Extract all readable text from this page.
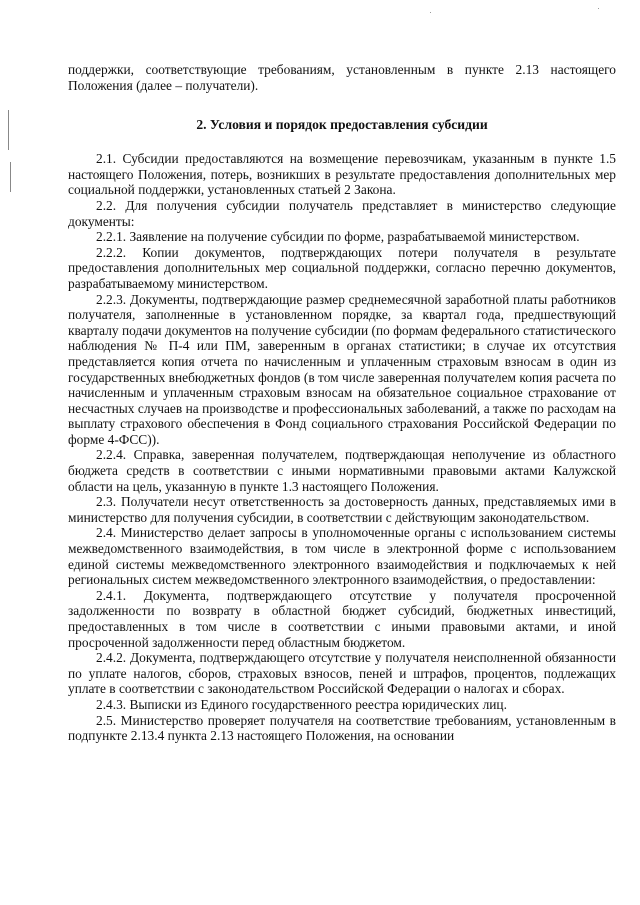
поддержки, соответствующие требованиям, установленным в пункте 2.13 настоящего Положения (далее – получатели).

2. Условия и порядок предоставления субсидии

2.1. Субсидии предоставляются на возмещение перевозчикам, указанным в пункте 1.5 настоящего Положения, потерь, возникших в результате предоставления дополнительных мер социальной поддержки, установленных статьей 2 Закона.

2.2. Для получения субсидии получатель представляет в министерство следующие документы:

2.2.1. Заявление на получение субсидии по форме, разрабатываемой министерством.

2.2.2. Копии документов, подтверждающих потери получателя в результате предоставления дополнительных мер социальной поддержки, согласно перечню документов, разрабатываемому министерством.

2.2.3. Документы, подтверждающие размер среднемесячной заработной платы работников получателя, заполненные в установленном порядке, за квартал года, предшествующий кварталу подачи документов на получение субсидии (по формам федерального статистического наблюдения № П-4 или ПМ, заверенным в органах статистики; в случае их отсутствия представляется копия отчета по начисленным и уплаченным страховым взносам в один из государственных внебюджетных фондов (в том числе заверенная получателем копия расчета по начисленным и уплаченным страховым взносам на обязательное социальное страхование от несчастных случаев на производстве и профессиональных заболеваний, а также по расходам на выплату страхового обеспечения в Фонд социального страхования Российской Федерации по форме 4-ФСС)).

2.2.4. Справка, заверенная получателем, подтверждающая неполучение из областного бюджета средств в соответствии с иными нормативными правовыми актами Калужской области на цель, указанную в пункте 1.3 настоящего Положения.

2.3. Получатели несут ответственность за достоверность данных, представляемых ими в министерство для получения субсидии, в соответствии с действующим законодательством.

2.4. Министерство делает запросы в уполномоченные органы с использованием системы межведомственного взаимодействия, в том числе в электронной форме с использованием единой системы межведомственного электронного взаимодействия и подключаемых к ней региональных систем межведомственного электронного взаимодействия, о предоставлении:

2.4.1. Документа, подтверждающего отсутствие у получателя просроченной задолженности по возврату в областной бюджет субсидий, бюджетных инвестиций, предоставленных в том числе в соответствии с иными правовыми актами, и иной просроченной задолженности перед областным бюджетом.

2.4.2. Документа, подтверждающего отсутствие у получателя неисполненной обязанности по уплате налогов, сборов, страховых взносов, пеней и штрафов, процентов, подлежащих уплате в соответствии с законодательством Российской Федерации о налогах и сборах.

2.4.3. Выписки из Единого государственного реестра юридических лиц.

2.5. Министерство проверяет получателя на соответствие требованиям, установленным в подпункте 2.13.4 пункта 2.13 настоящего Положения, на основании
